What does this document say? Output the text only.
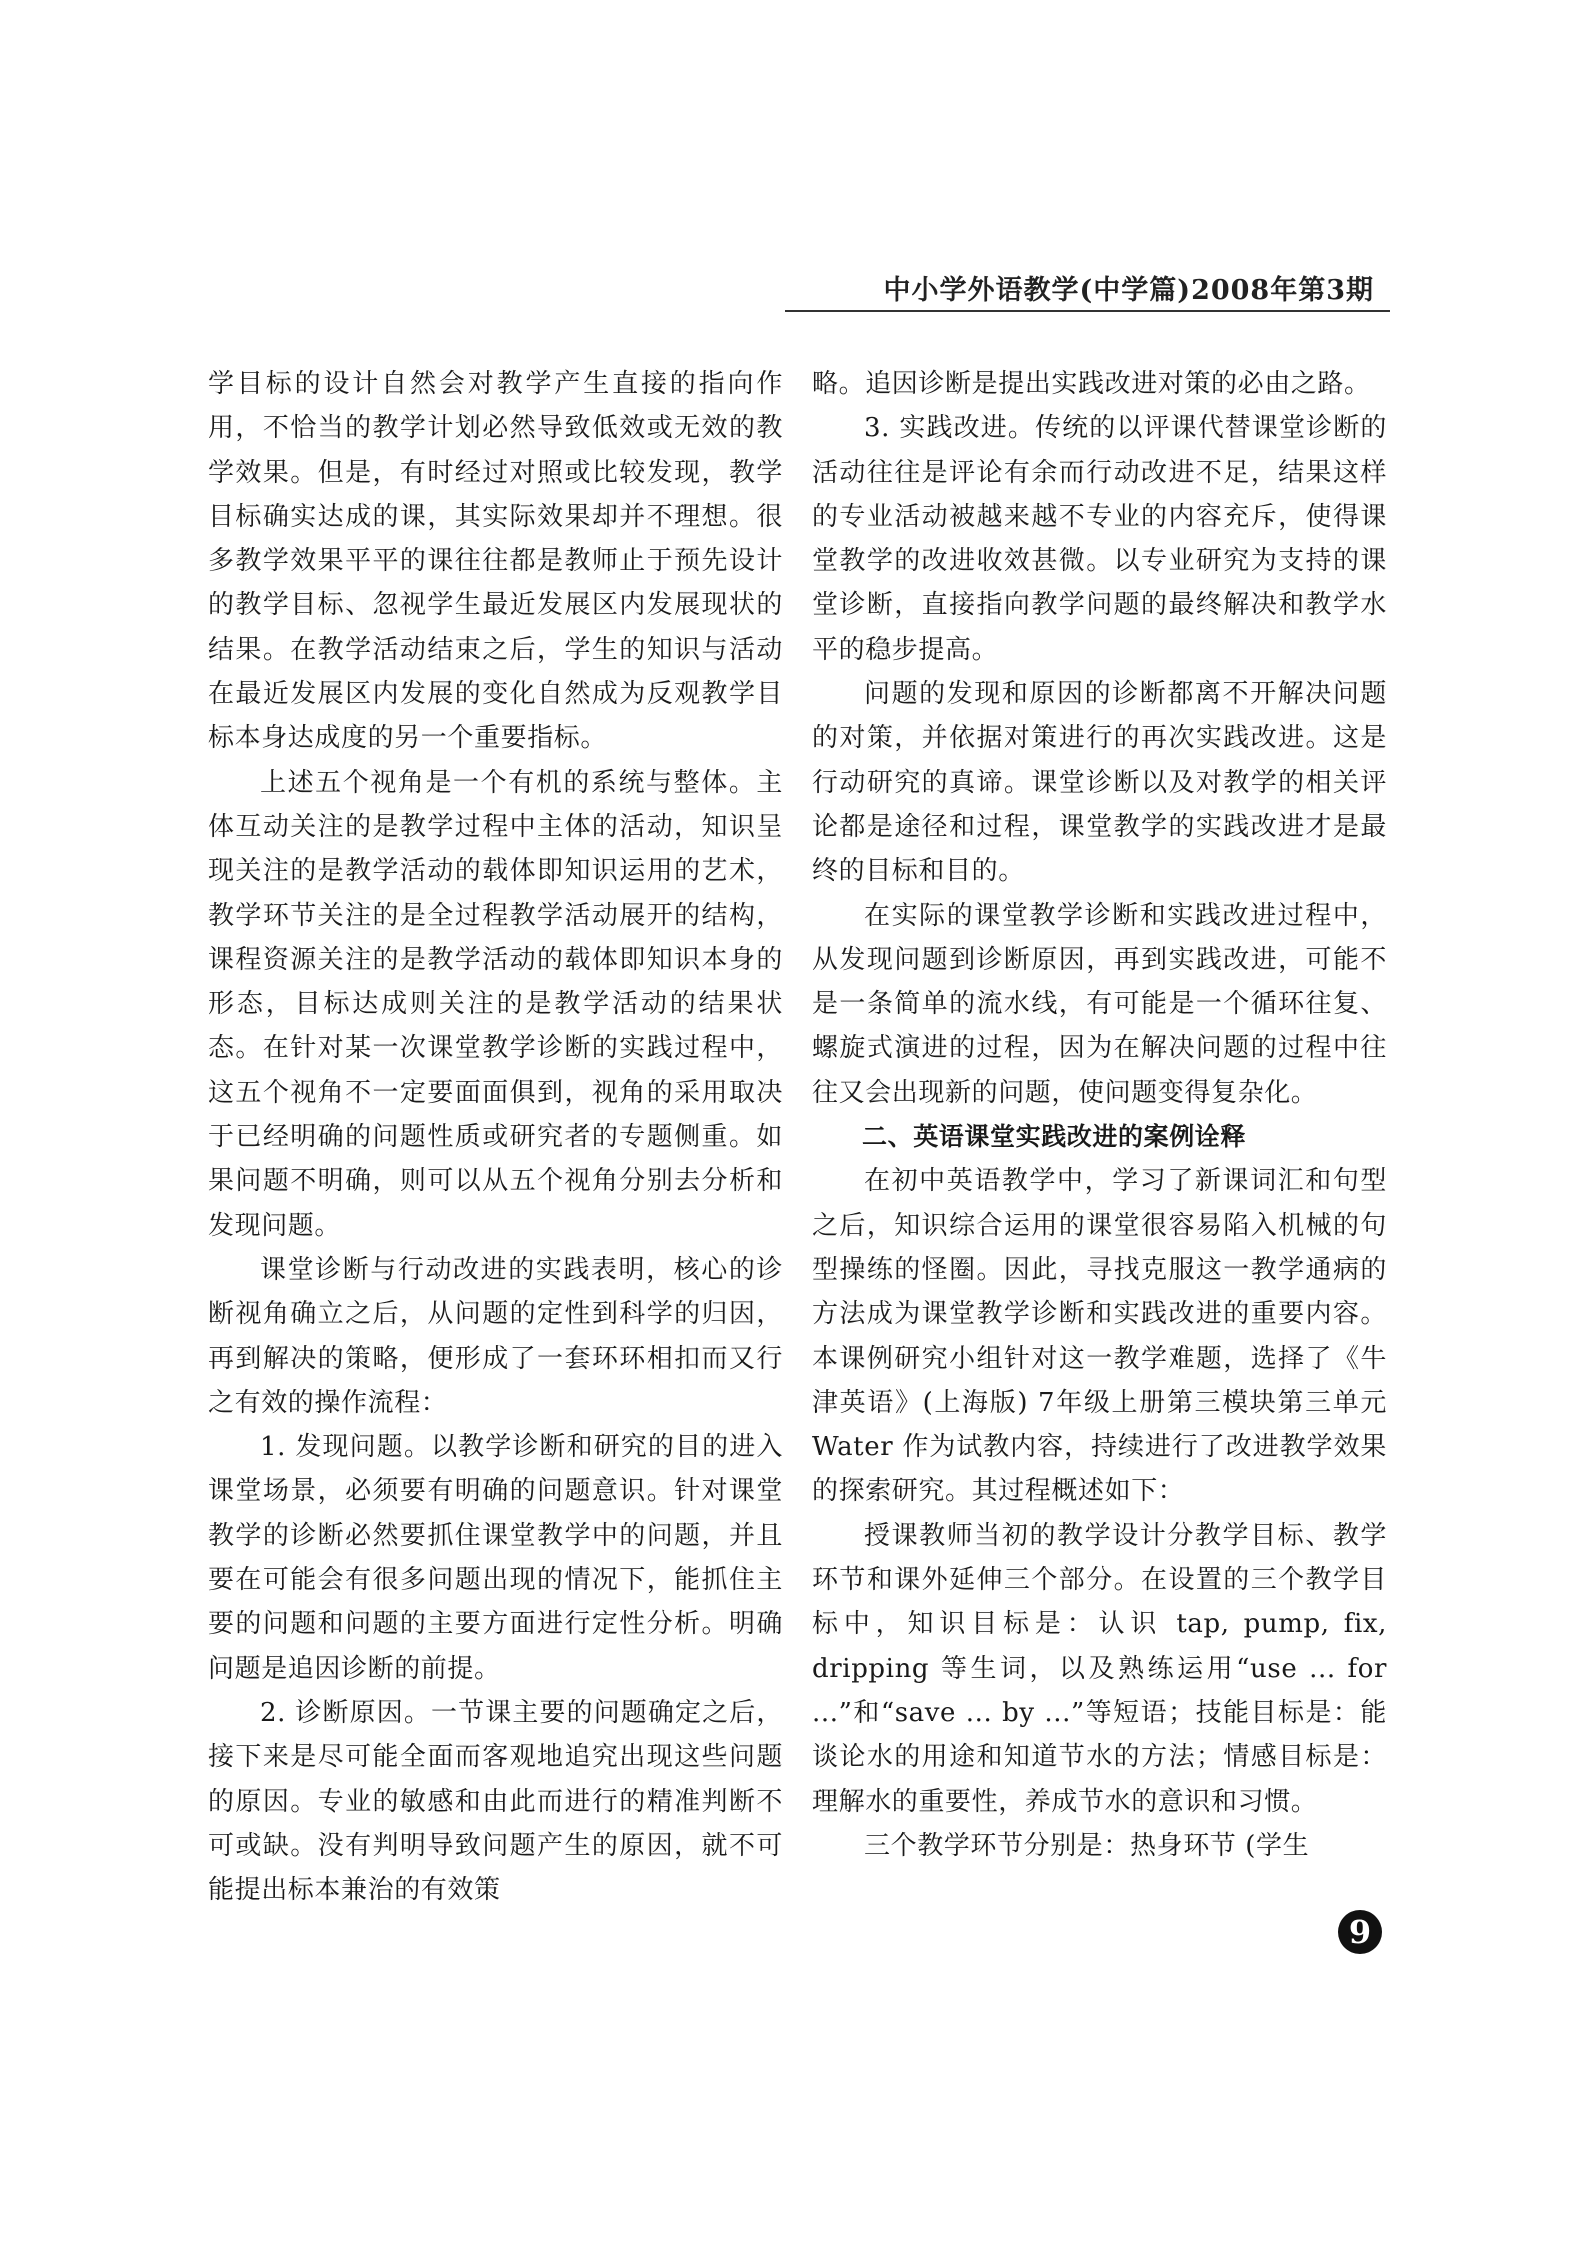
中小学外语教学(中学篇)2008年第3期

学目标的设计自然会对教学产生直接的指向作用，不恰当的教学计划必然导致低效或无效的教学效果。但是，有时经过对照或比较发现，教学目标确实达成的课，其实际效果却并不理想。很多教学效果平平的课往往都是教师止于预先设计的教学目标、忽视学生最近发展区内发展现状的结果。在教学活动结束之后，学生的知识与活动在最近发展区内发展的变化自然成为反观教学目标本身达成度的另一个重要指标。

上述五个视角是一个有机的系统与整体。主体互动关注的是教学过程中主体的活动，知识呈现关注的是教学活动的载体即知识运用的艺术，教学环节关注的是全过程教学活动展开的结构，课程资源关注的是教学活动的载体即知识本身的形态，目标达成则关注的是教学活动的结果状态。在针对某一次课堂教学诊断的实践过程中，这五个视角不一定要面面俱到，视角的采用取决于已经明确的问题性质或研究者的专题侧重。如果问题不明确，则可以从五个视角分别去分析和发现问题。

课堂诊断与行动改进的实践表明，核心的诊断视角确立之后，从问题的定性到科学的归因，再到解决的策略，便形成了一套环环相扣而又行之有效的操作流程：

1. 发现问题。以教学诊断和研究的目的进入课堂场景，必须要有明确的问题意识。针对课堂教学的诊断必然要抓住课堂教学中的问题，并且要在可能会有很多问题出现的情况下，能抓住主要的问题和问题的主要方面进行定性分析。明确问题是追因诊断的前提。

2. 诊断原因。一节课主要的问题确定之后，接下来是尽可能全面而客观地追究出现这些问题的原因。专业的敏感和由此而进行的精准判断不可或缺。没有判明导致问题产生的原因，就不可能提出标本兼治的有效策

略。追因诊断是提出实践改进对策的必由之路。

3. 实践改进。传统的以评课代替课堂诊断的活动往往是评论有余而行动改进不足，结果这样的专业活动被越来越不专业的内容充斥，使得课堂教学的改进收效甚微。以专业研究为支持的课堂诊断，直接指向教学问题的最终解决和教学水平的稳步提高。

问题的发现和原因的诊断都离不开解决问题的对策，并依据对策进行的再次实践改进。这是行动研究的真谛。课堂诊断以及对教学的相关评论都是途径和过程，课堂教学的实践改进才是最终的目标和目的。

在实际的课堂教学诊断和实践改进过程中，从发现问题到诊断原因，再到实践改进，可能不是一条简单的流水线，有可能是一个循环往复、螺旋式演进的过程，因为在解决问题的过程中往往又会出现新的问题，使问题变得复杂化。

二、英语课堂实践改进的案例诠释

在初中英语教学中，学习了新课词汇和句型之后，知识综合运用的课堂很容易陷入机械的句型操练的怪圈。因此，寻找克服这一教学通病的方法成为课堂教学诊断和实践改进的重要内容。本课例研究小组针对这一教学难题，选择了《牛津英语》(上海版) 7年级上册第三模块第三单元 Water 作为试教内容，持续进行了改进教学效果的探索研究。其过程概述如下：

授课教师当初的教学设计分教学目标、教学环节和课外延伸三个部分。在设置的三个教学目标中，知识目标是：认识 tap, pump, fix, dripping 等生词，以及熟练运用“use ... for ...”和“save ... by ...”等短语；技能目标是：能谈论水的用途和知道节水的方法；情感目标是：理解水的重要性，养成节水的意识和习惯。

三个教学环节分别是：热身环节 (学生

9
